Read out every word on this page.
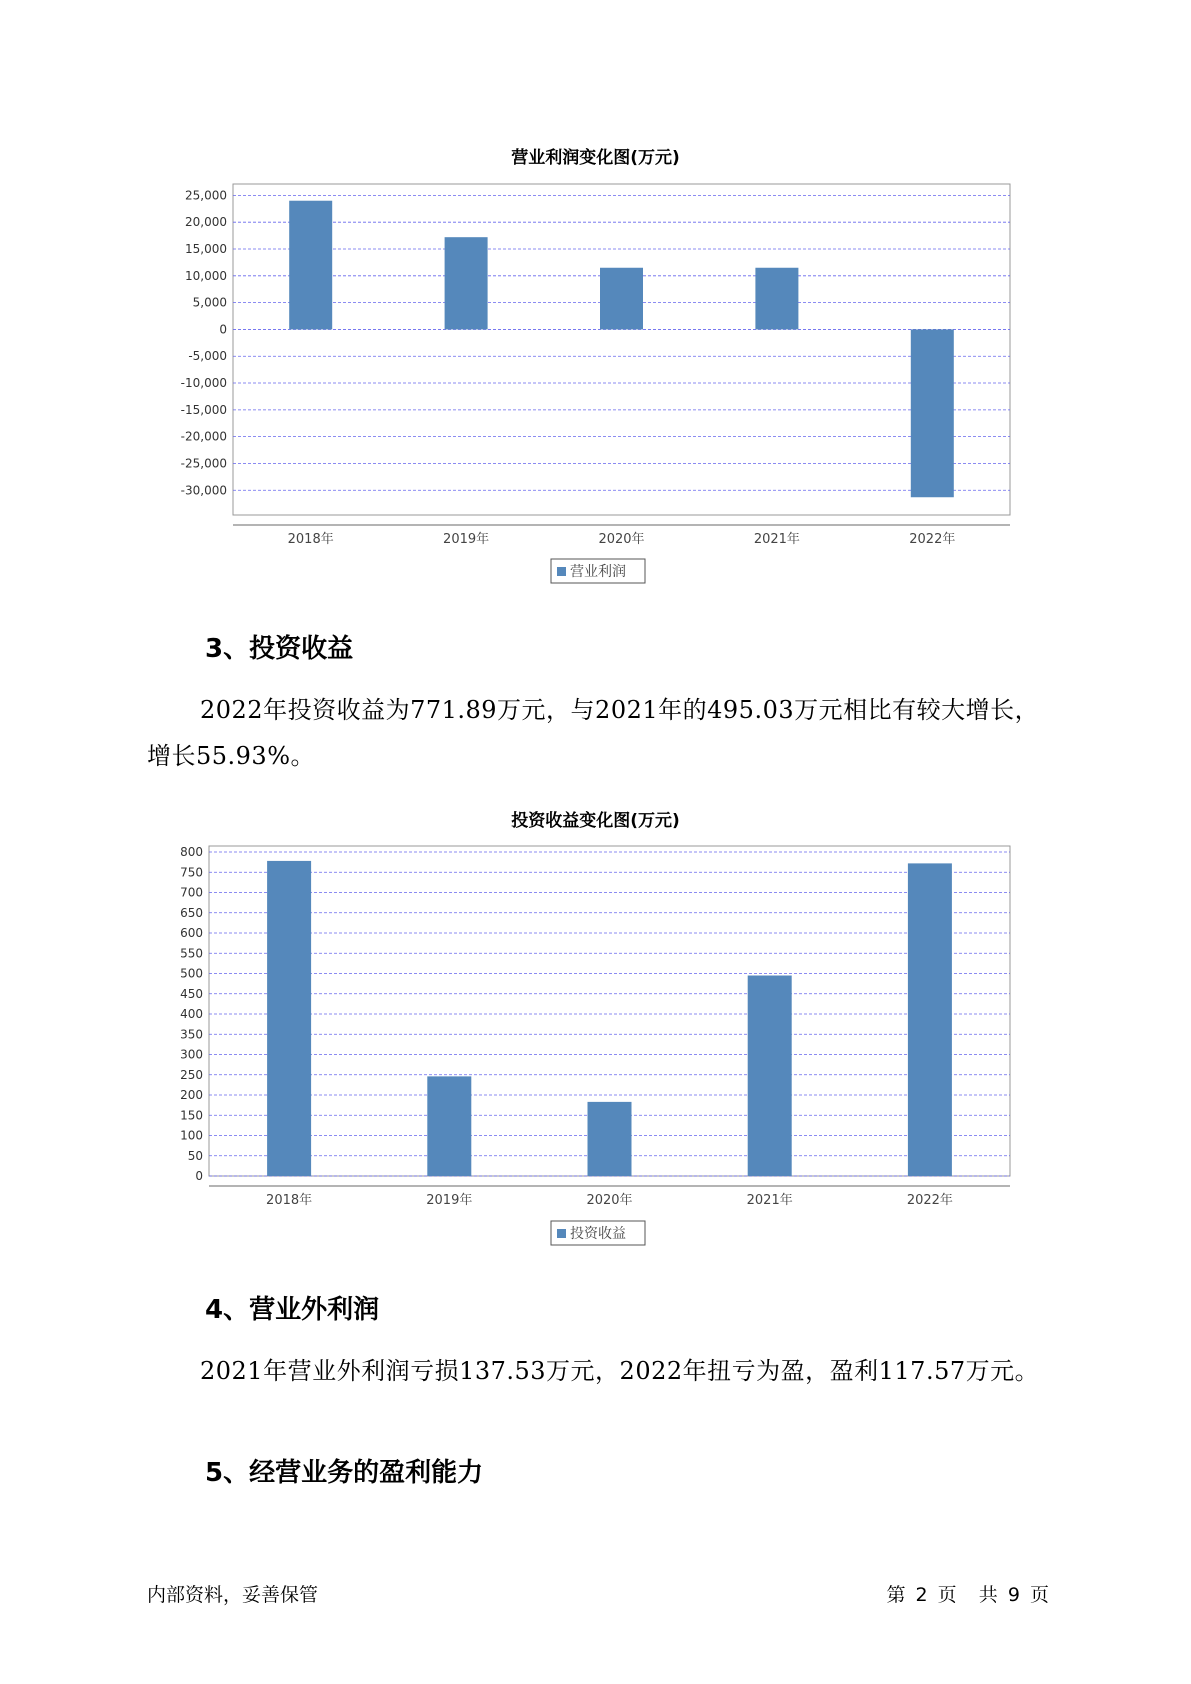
营业利润变化图(万元)
25,000
20,000
15,000
10,000
5,000
0
-5,000
-10,000
-15,000
-20,000
-25,000
-30,000
2018年	2019年	2020年	2021年	2022年
营业利润
3、投资收益
2022年投资收益为771.89万元，与2021年的495.03万元相比有较大增长，增长55.93%。
投资收益变化图(万元)
800
750
700
650
600
550
500
450
400
350
300
250
200
150
100
50
0
2018年	2019年	2020年	2021年	2022年
投资收益
4、营业外利润
2021年营业外利润亏损137.53万元，2022年扭亏为盈，盈利117.57万元。
5、经营业务的盈利能力
内部资料，妥善保管	第 2 页 共 9 页
